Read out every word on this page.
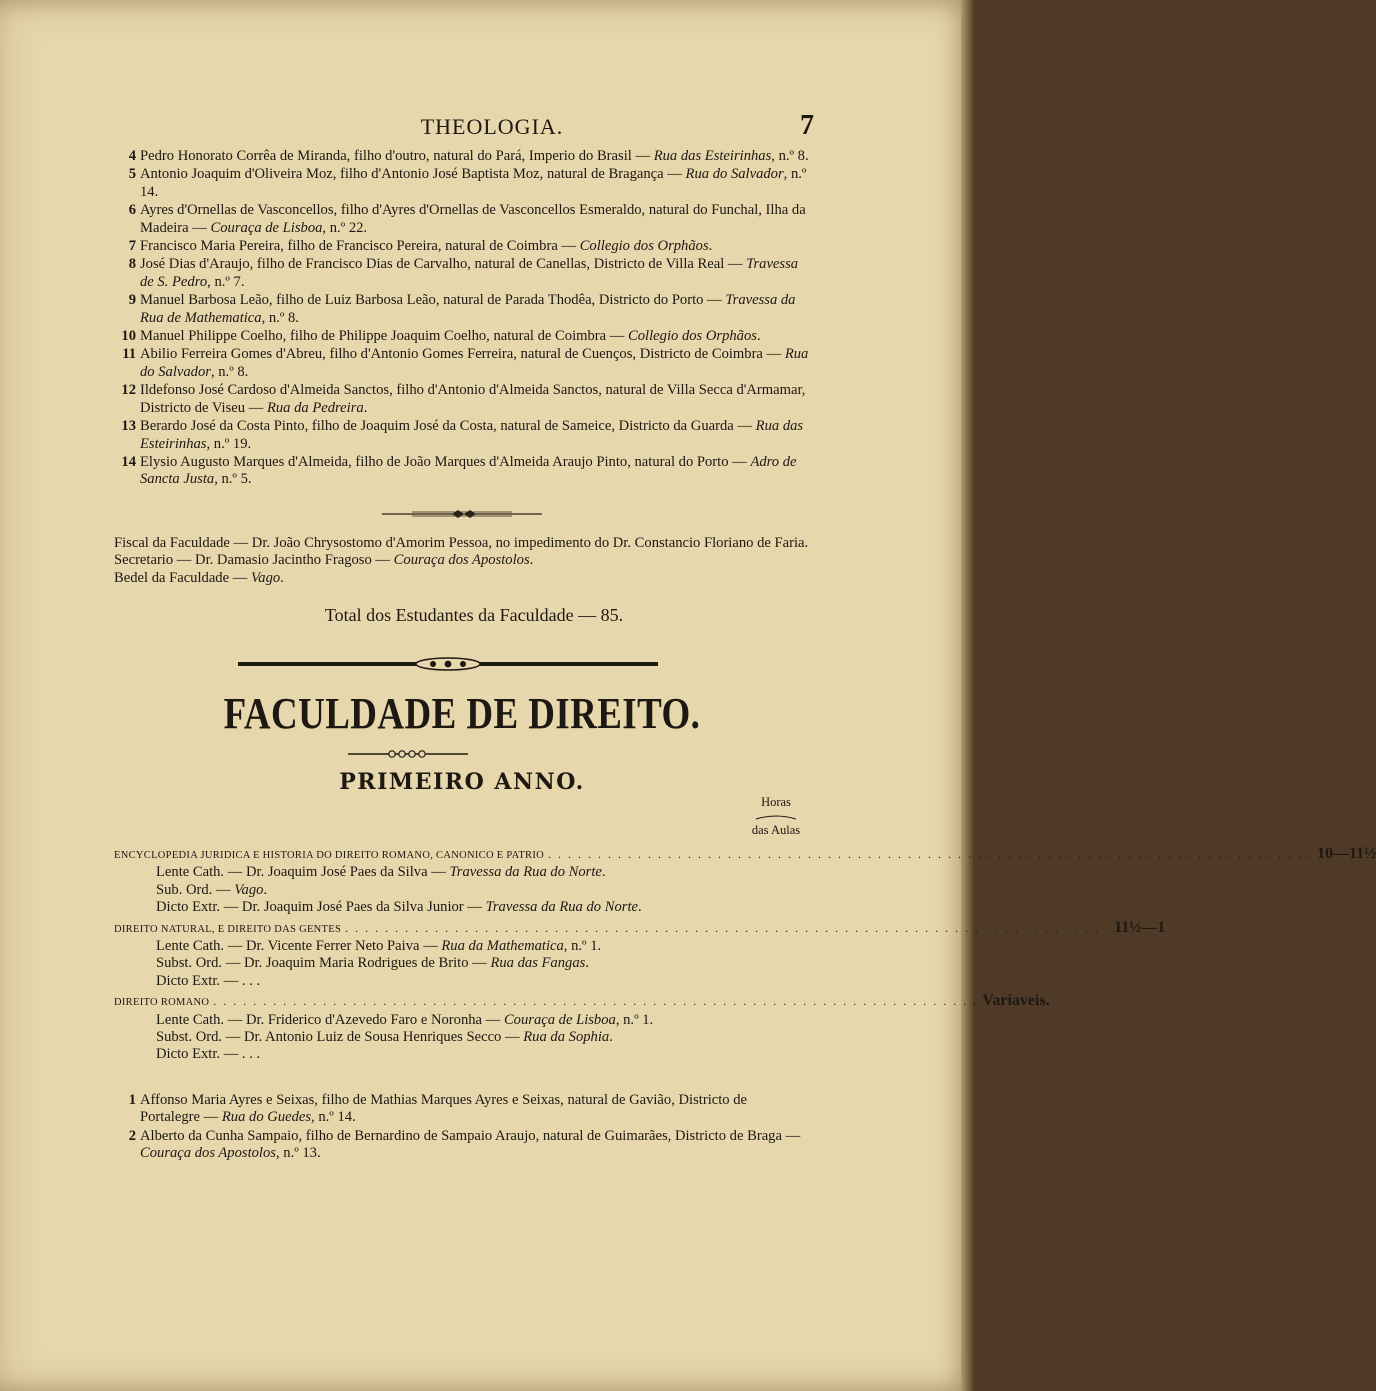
THEOLOGIA.	7
4 Pedro Honorato Corrêa de Miranda, filho d'outro, natural do Pará, Imperio do Brasil — Rua das Esteirinhas, n.º 8.
5 Antonio Joaquim d'Oliveira Moz, filho d'Antonio José Baptista Moz, natural de Bragança — Rua do Salvador, n.º 14.
6 Ayres d'Ornellas de Vasconcellos, filho d'Ayres d'Ornellas de Vasconcellos Esmeraldo, natural do Funchal, Ilha da Madeira — Couraça de Lisboa, n.º 22.
7 Francisco Maria Pereira, filho de Francisco Pereira, natural de Coimbra — Collegio dos Orphãos.
8 José Dias d'Araujo, filho de Francisco Dias de Carvalho, natural de Canellas, Districto de Villa Real — Travessa de S. Pedro, n.º 7.
9 Manuel Barbosa Leão, filho de Luiz Barbosa Leão, natural de Parada Thodêa, Districto do Porto — Travessa da Rua de Mathematica, n.º 8.
10 Manuel Philippe Coelho, filho de Philippe Joaquim Coelho, natural de Coimbra — Collegio dos Orphãos.
11 Abilio Ferreira Gomes d'Abreu, filho d'Antonio Gomes Ferreira, natural de Cuenços, Districto de Coimbra — Rua do Salvador, n.º 8.
12 Ildefonso José Cardoso d'Almeida Sanctos, filho d'Antonio d'Almeida Sanctos, natural de Villa Secca d'Armamar, Districto de Viseu — Rua da Pedreira.
13 Berardo José da Costa Pinto, filho de Joaquim José da Costa, natural de Sameice, Districto da Guarda — Rua das Esteirinhas, n.º 19.
14 Elysio Augusto Marques d'Almeida, filho de João Marques d'Almeida Araujo Pinto, natural do Porto — Adro de Sancta Justa, n.º 5.
Fiscal da Faculdade — Dr. João Chrysostomo d'Amorim Pessoa, no impedimento do Dr. Constancio Floriano de Faria.
Secretario — Dr. Damasio Jacintho Fragoso — Couraça dos Apostolos.
Bedel da Faculdade — Vago.
Total dos Estudantes da Faculdade — 85.
FACULDADE DE DIREITO.
PRIMEIRO ANNO.
Horas
das Aulas
ENCYCLOPEDIA JURIDICA E HISTORIA DO DIREITO ROMANO, CANONICO E PATRIO . . . . . . . . . . . . . . . . . . . . . . . . . . . . . . . . . . . . . . . . . . . . . . . . . . . . . . . . . . . . . . . . . . . . . . . . . . . . . 10—11½
Lente Cath. — Dr. Joaquim José Paes da Silva — Travessa da Rua do Norte.
Sub. Ord. — Vago.
Dicto Extr. — Dr. Joaquim José Paes da Silva Junior — Travessa da Rua do Norte.
DIREITO NATURAL, E DIREITO DAS GENTES . . . . . . . . . . . . . . . . . . . . . . . . . . . . . . . . . . . . . . . . . . . . . . . . . . . . . . . . . . . . . . . . . . . . . . . . . . . . . 11½—1
Lente Cath. — Dr. Vicente Ferrer Neto Paiva — Rua da Mathematica, n.º 1.
Subst. Ord. — Dr. Joaquim Maria Rodrigues de Brito — Rua das Fangas.
Dicto Extr. — . . .
DIREITO ROMANO . . . . . . . . . . . . . . . . . . . . . . . . . . . . . . . . . . . . . . . . . . . . . . . . . . . . . . . . . . . . . . . . . . . . . . . . . . . . . Variaveis.
Lente Cath. — Dr. Friderico d'Azevedo Faro e Noronha — Couraça de Lisboa, n.º 1.
Subst. Ord. — Dr. Antonio Luiz de Sousa Henriques Secco — Rua da Sophia.
Dicto Extr. — . . .
1 Affonso Maria Ayres e Seixas, filho de Mathias Marques Ayres e Seixas, natural de Gavião, Districto de Portalegre — Rua do Guedes, n.º 14.
2 Alberto da Cunha Sampaio, filho de Bernardino de Sampaio Araujo, natural de Guimarães, Districto de Braga — Couraça dos Apostolos, n.º 13.
